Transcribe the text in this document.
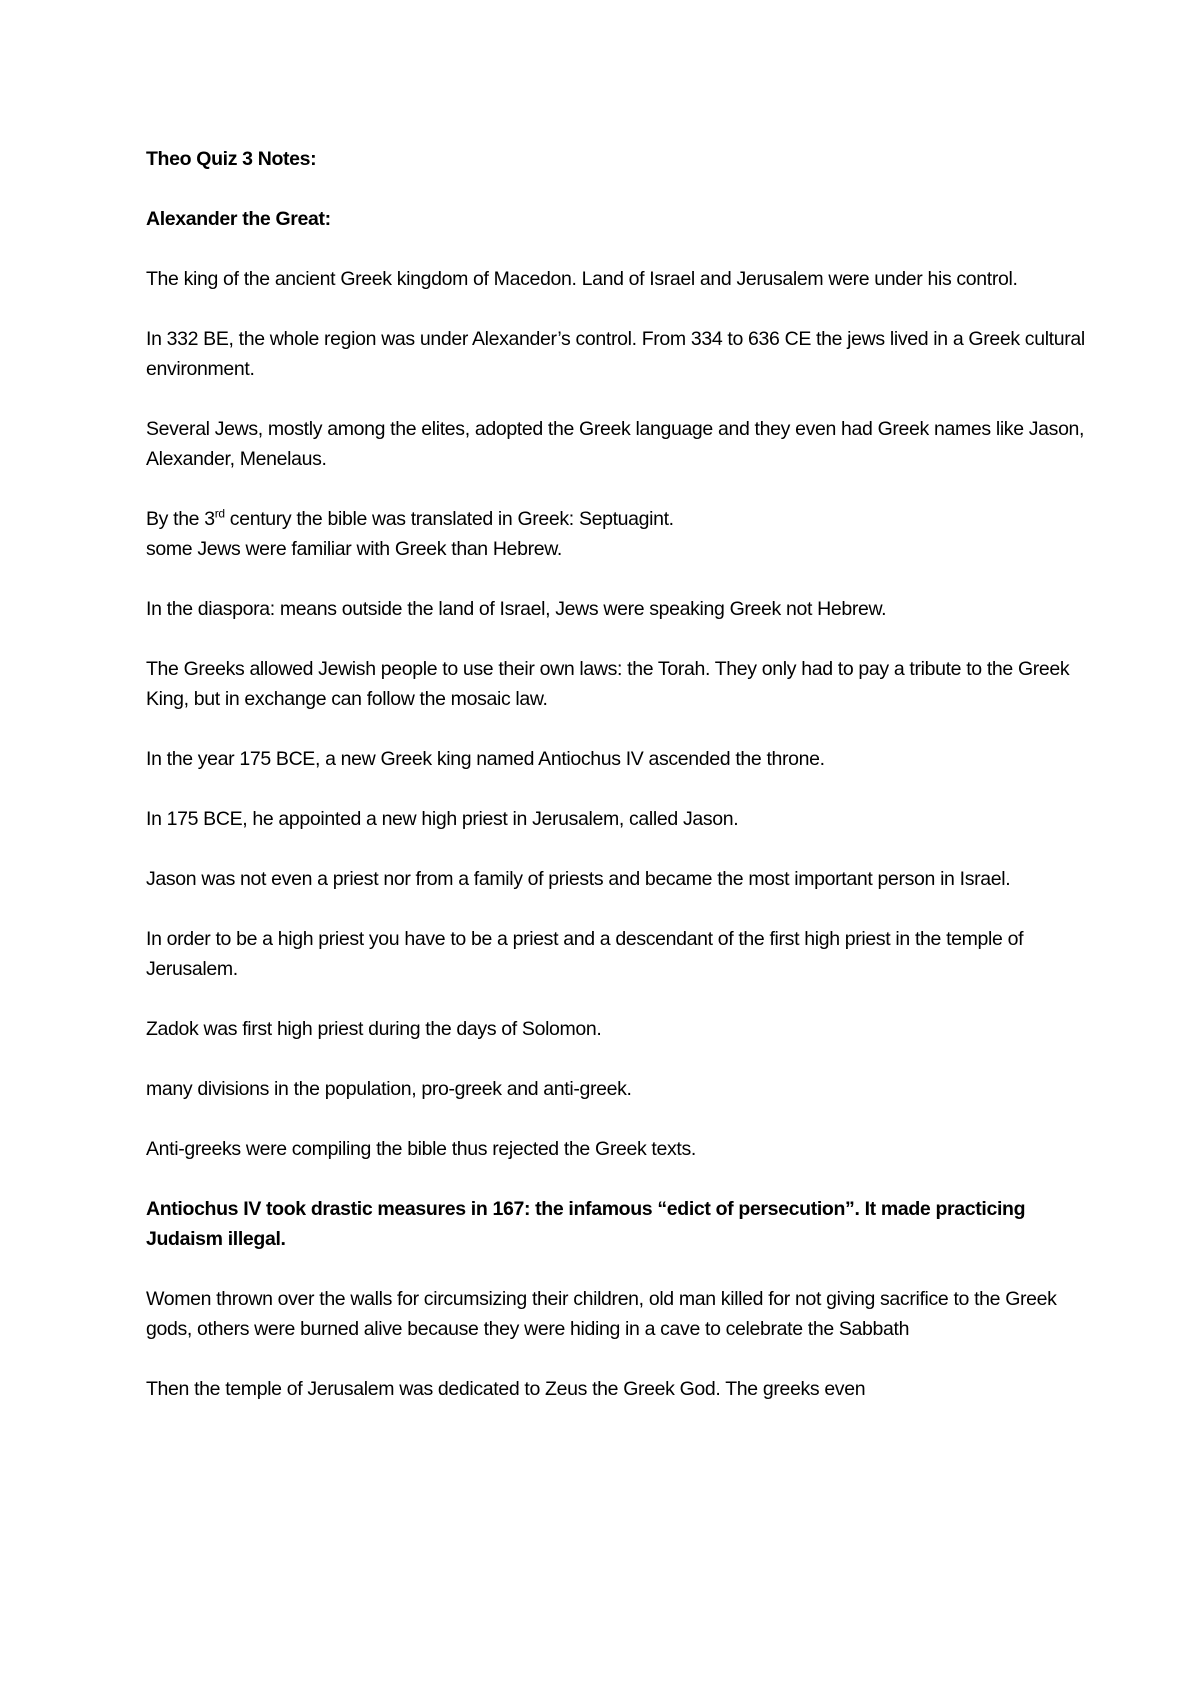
Theo Quiz 3 Notes:

Alexander the Great:

The king of the ancient Greek kingdom of Macedon. Land of Israel and Jerusalem were under his control.

In 332 BE, the whole region was under Alexander’s control. From 334 to 636 CE the jews lived in a Greek cultural environment.

Several Jews, mostly among the elites, adopted the Greek language and they even had Greek names like Jason, Alexander, Menelaus.

By the 3rd century the bible was translated in Greek: Septuagint.

some Jews were familiar with Greek than Hebrew.

In the diaspora: means outside the land of Israel, Jews were speaking Greek not Hebrew.

The Greeks allowed Jewish people to use their own laws: the Torah. They only had to pay a tribute to the Greek King, but in exchange can follow the mosaic law.

In the year 175 BCE, a new Greek king named Antiochus IV ascended the throne.

In 175 BCE, he appointed a new high priest in Jerusalem, called Jason.

Jason was not even a priest nor from a family of priests and became the most important person in Israel.

In order to be a high priest you have to be a priest and a descendant of the first high priest in the temple of Jerusalem.

Zadok was first high priest during the days of Solomon.

many divisions in the population, pro-greek and anti-greek.

Anti-greeks were compiling the bible thus rejected the Greek texts.

Antiochus IV took drastic measures in 167: the infamous “edict of persecution”. It made practicing Judaism illegal.

Women thrown over the walls for circumsizing their children, old man killed for not giving sacrifice to the Greek gods, others were burned alive because they were hiding in a cave to celebrate the Sabbath

Then the temple of Jerusalem was dedicated to Zeus the Greek God. The greeks even
